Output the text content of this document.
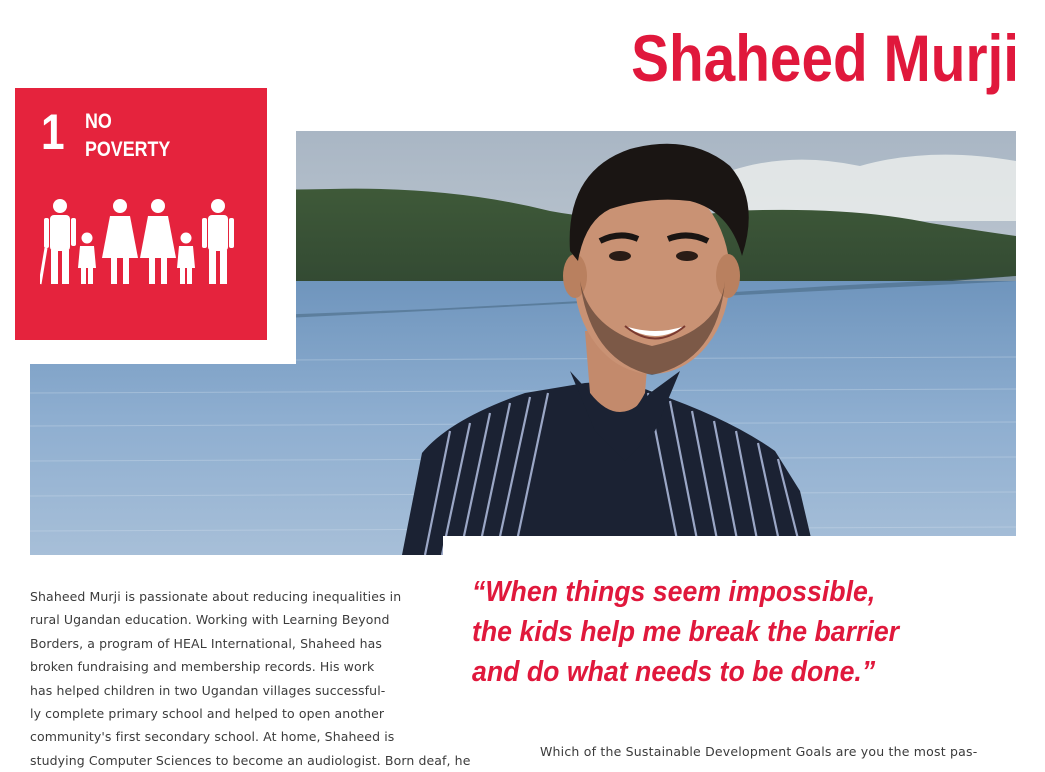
Shaheed Murji
1 NO
POVERTY
Shaheed Murji is passionate about reducing inequalities in
rural Ugandan education. Working with Learning Beyond
Borders, a program of HEAL International, Shaheed has
broken fundraising and membership records. His work
has helped children in two Ugandan villages successful-
ly complete primary school and helped to open another
community's first secondary school. At home, Shaheed is
studying Computer Sciences to become an audiologist. Born deaf, he
“When things seem impossible,
the kids help me break the barrier
and do what needs to be done.”
Which of the Sustainable Development Goals are you the most pas-
